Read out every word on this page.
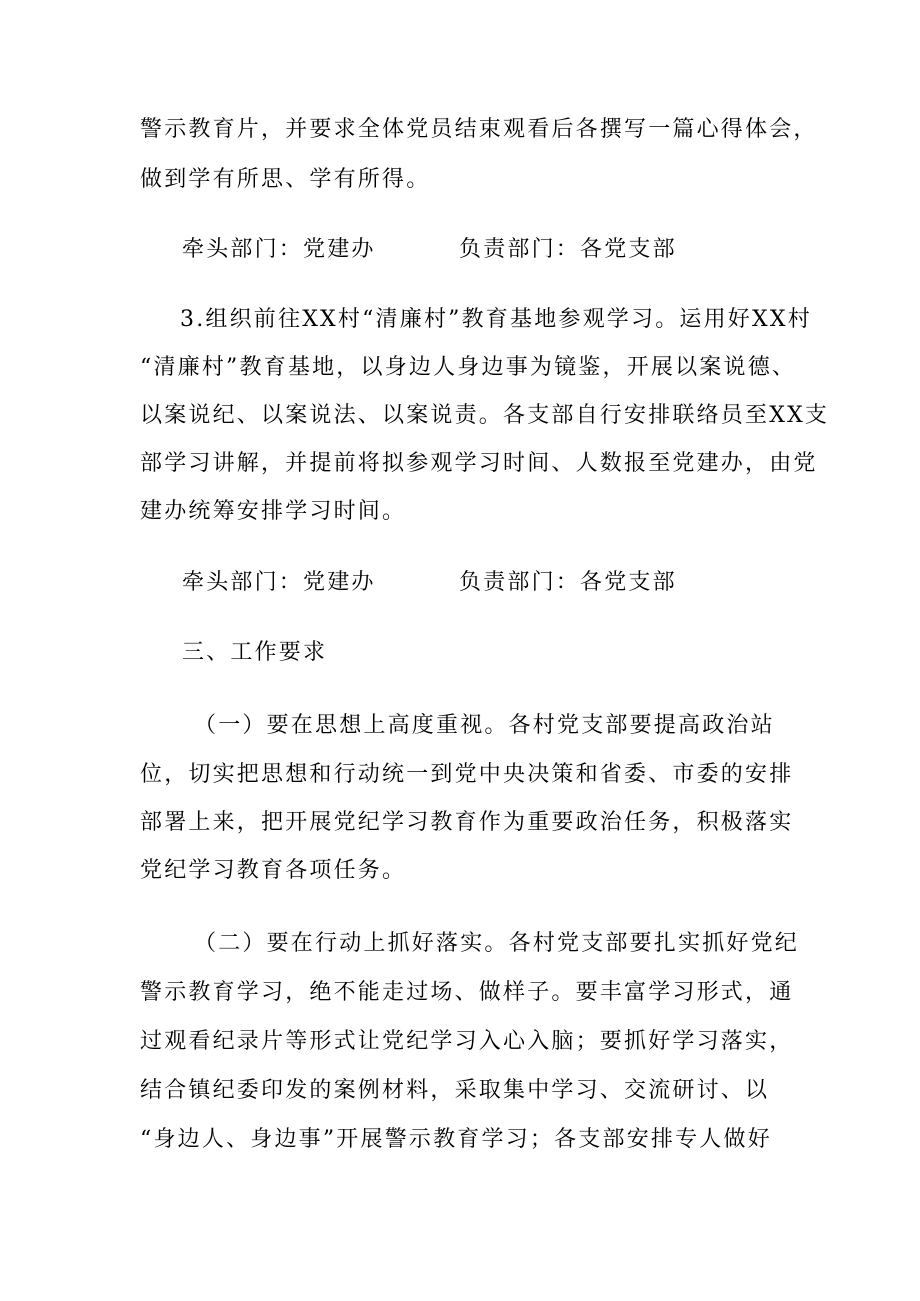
警示教育片，并要求全体党员结束观看后各撰写一篇心得体会，
做到学有所思、学有所得。
牵头部门：党建办	负责部门：各党支部
3.组织前往XX村“清廉村”教育基地参观学习。运用好XX村
“清廉村”教育基地，以身边人身边事为镜鉴，开展以案说德、
以案说纪、以案说法、以案说责。各支部自行安排联络员至XX支
部学习讲解，并提前将拟参观学习时间、人数报至党建办，由党
建办统筹安排学习时间。
牵头部门：党建办	负责部门：各党支部
三、工作要求
（一）要在思想上高度重视。各村党支部要提高政治站
位，切实把思想和行动统一到党中央决策和省委、市委的安排
部署上来，把开展党纪学习教育作为重要政治任务，积极落实
党纪学习教育各项任务。
（二）要在行动上抓好落实。各村党支部要扎实抓好党纪
警示教育学习，绝不能走过场、做样子。要丰富学习形式，通
过观看纪录片等形式让党纪学习入心入脑；要抓好学习落实，
结合镇纪委印发的案例材料，采取集中学习、交流研讨、以
“身边人、身边事”开展警示教育学习；各支部安排专人做好
